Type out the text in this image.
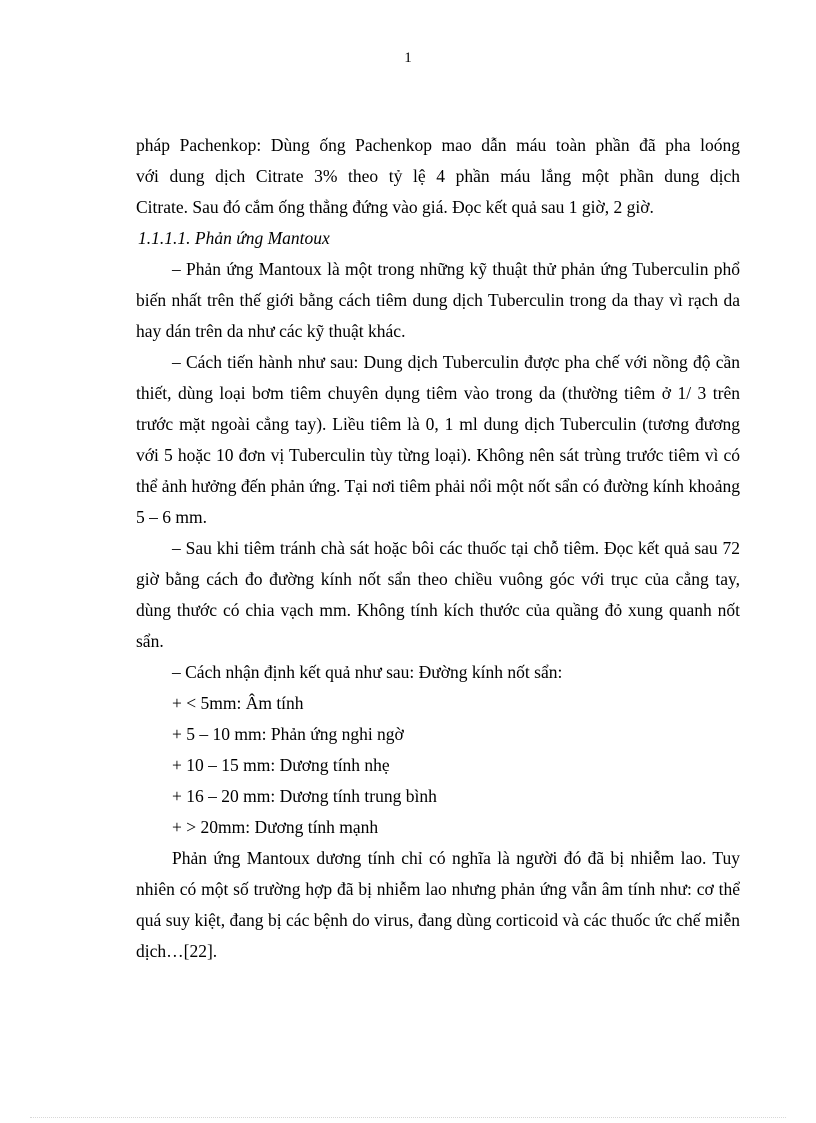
1

pháp Pachenkop: Dùng ống Pachenkop mao dẫn máu toàn phần đã pha loóng

với dung dịch Citrate 3% theo tỷ lệ 4 phần máu lắng một phần dung dịch

Citrate. Sau đó cắm ống thẳng đứng vào giá. Đọc kết quả sau 1 giờ, 2 giờ.

1.1.1.1. Phản ứng Mantoux

– Phản ứng Mantoux là một trong những kỹ thuật thử phản ứng Tuberculin phổ biến nhất trên thế giới bằng cách tiêm dung dịch Tuberculin trong da thay vì rạch da hay dán trên da như các kỹ thuật khác.

– Cách tiến hành như sau: Dung dịch Tuberculin được pha chế với nồng độ cần thiết, dùng loại bơm tiêm chuyên dụng tiêm vào trong da (thường tiêm ở 1/ 3 trên trước mặt ngoài cẳng tay). Liều tiêm là 0, 1 ml dung dịch Tuberculin (tương đương với 5 hoặc 10 đơn vị Tuberculin tùy từng loại). Không nên sát trùng trước tiêm vì có thể ảnh hưởng đến phản ứng. Tại nơi tiêm phải nổi một nốt sẩn có đường kính khoảng 5 – 6 mm.

– Sau khi tiêm tránh chà sát hoặc bôi các thuốc tại chỗ tiêm. Đọc kết quả sau 72 giờ bằng cách đo đường kính nốt sẩn theo chiều vuông góc với trục của cẳng tay, dùng thước có chia vạch mm. Không tính kích thước của quầng đỏ xung quanh nốt sẩn.

– Cách nhận định kết quả như sau: Đường kính nốt sẩn:

+ < 5mm: Âm tính

+ 5 – 10 mm: Phản ứng nghi ngờ

+ 10 – 15 mm: Dương tính nhẹ

+ 16 – 20 mm: Dương tính trung bình

+ > 20mm: Dương tính mạnh

Phản ứng Mantoux dương tính chỉ có nghĩa là người đó đã bị nhiễm lao. Tuy nhiên có một số trường hợp đã bị nhiễm lao nhưng phản ứng vẫn âm tính như: cơ thể quá suy kiệt, đang bị các bệnh do virus, đang dùng corticoid và các thuốc ức chế miễn dịch…[22].
